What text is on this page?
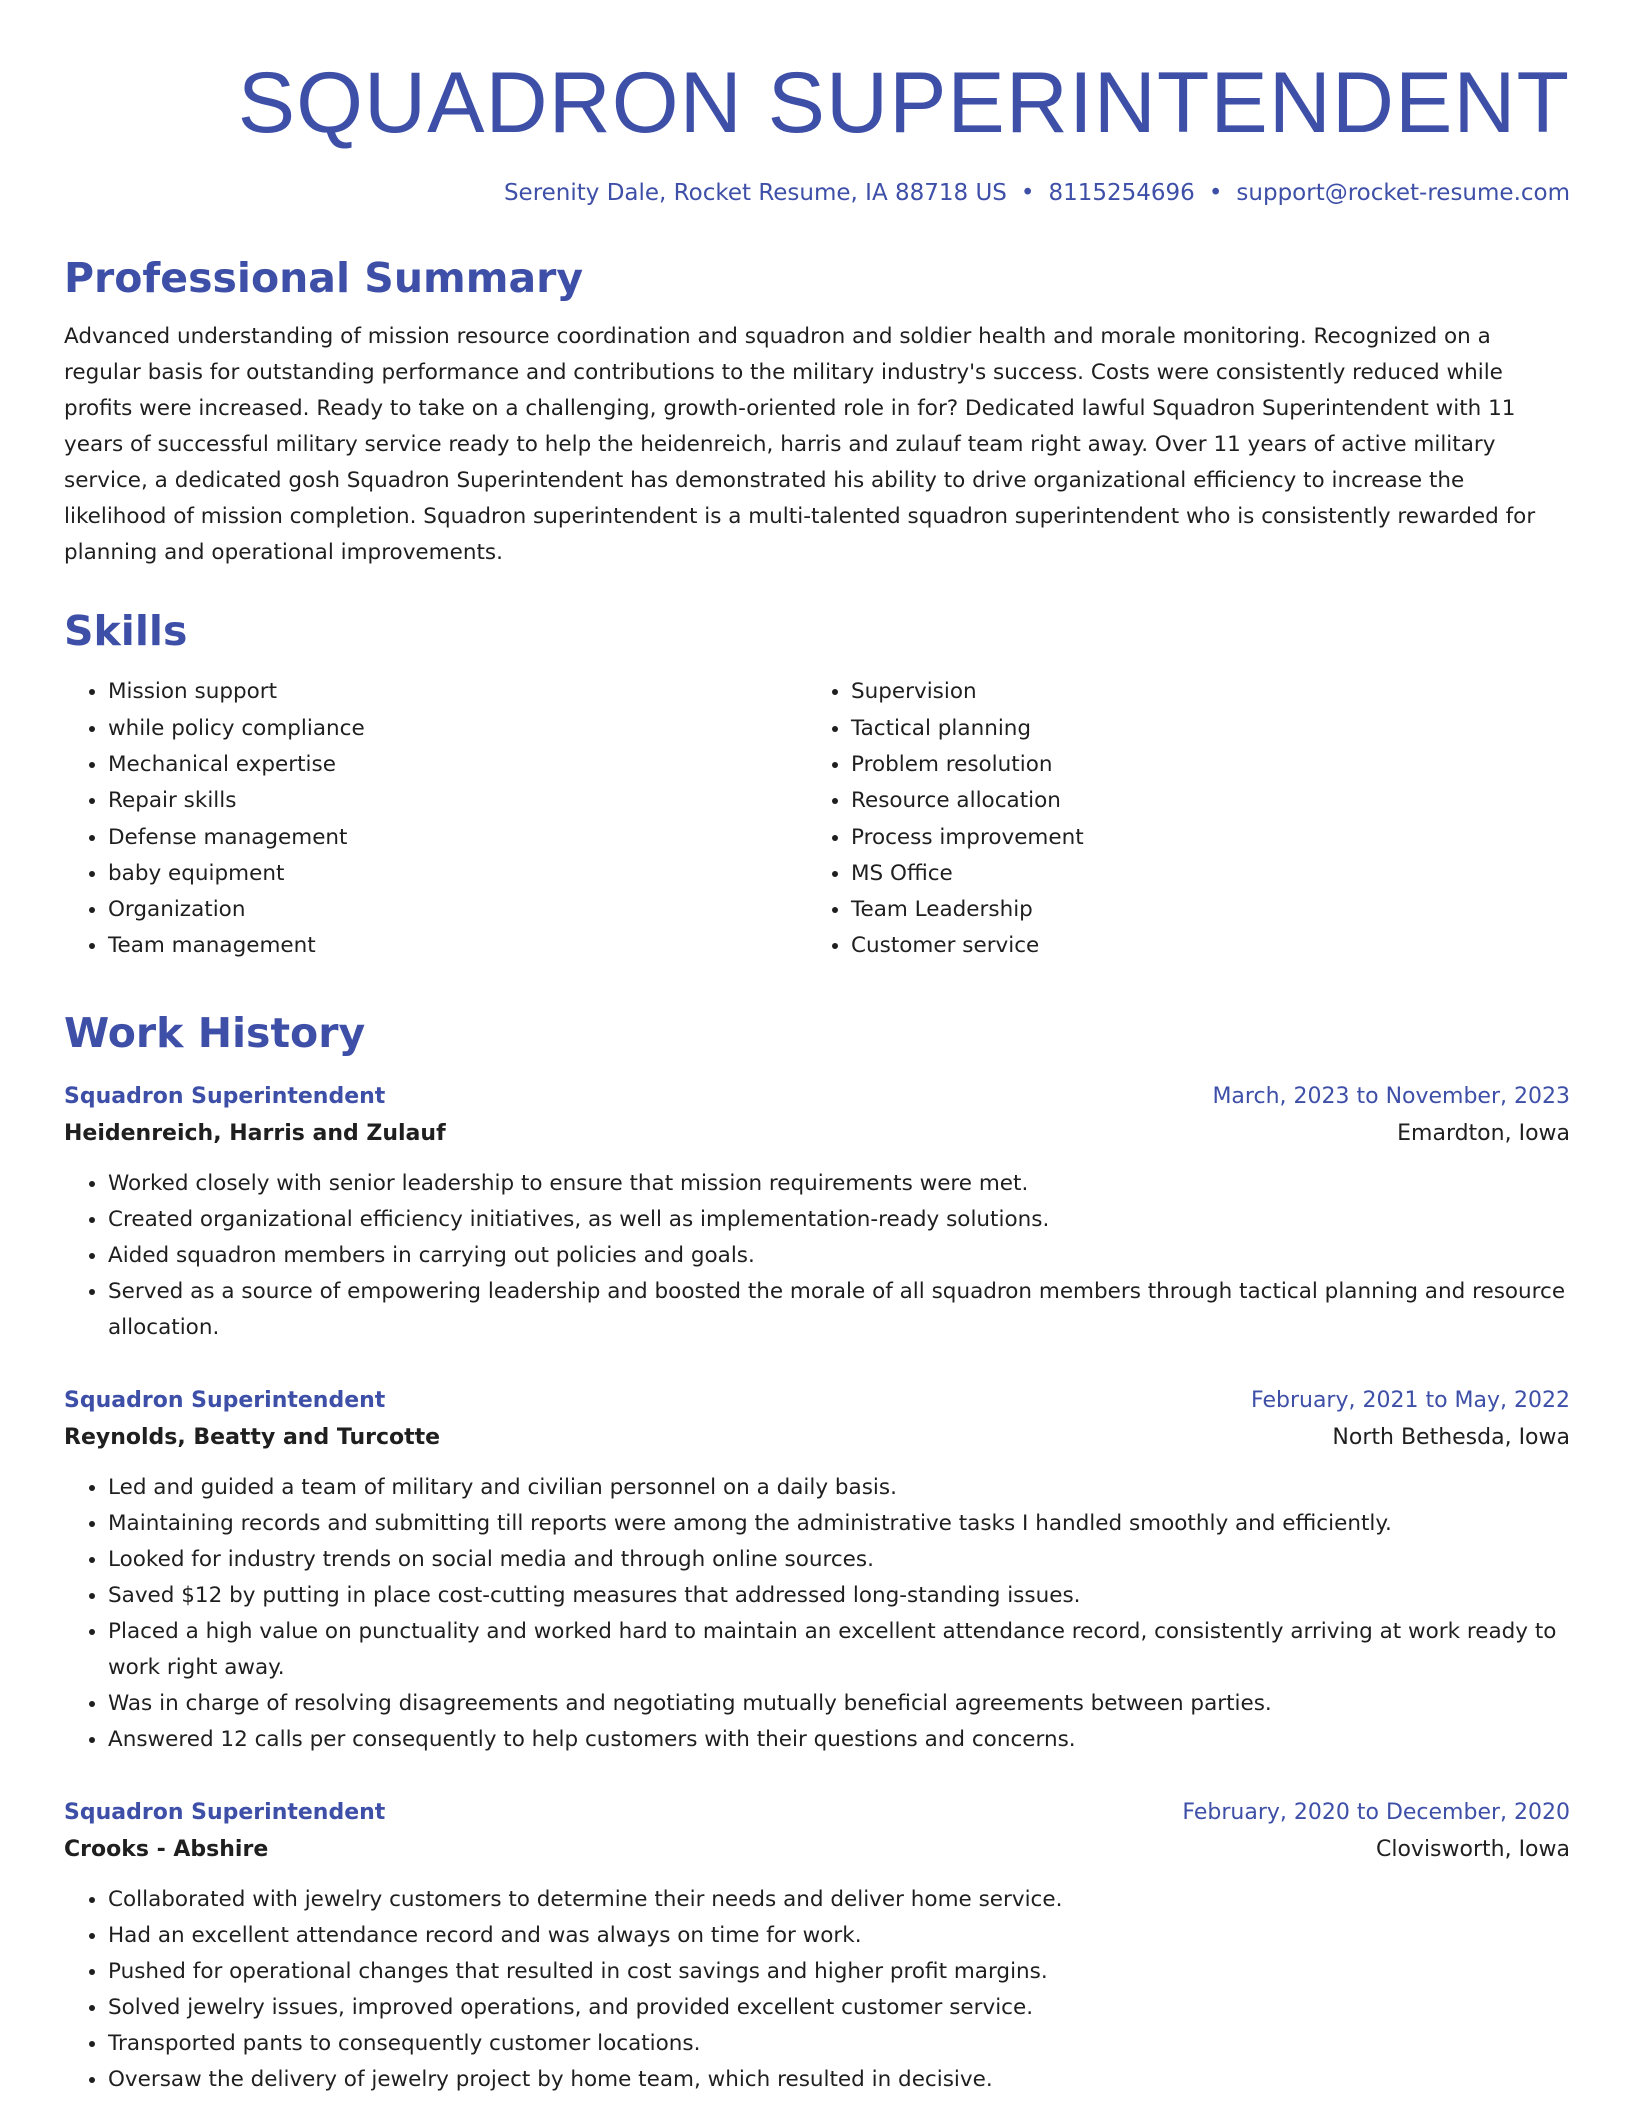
SQUADRON SUPERINTENDENT
Serenity Dale, Rocket Resume, IA 88718 US • 8115254696 • support@rocket-resume.com
Professional Summary
Advanced understanding of mission resource coordination and squadron and soldier health and morale monitoring. Recognized on a regular basis for outstanding performance and contributions to the military industry's success. Costs were consistently reduced while profits were increased. Ready to take on a challenging, growth-oriented role in for? Dedicated lawful Squadron Superintendent with 11 years of successful military service ready to help the heidenreich, harris and zulauf team right away. Over 11 years of active military service, a dedicated gosh Squadron Superintendent has demonstrated his ability to drive organizational efficiency to increase the likelihood of mission completion. Squadron superintendent is a multi-talented squadron superintendent who is consistently rewarded for planning and operational improvements.
Skills
• Mission support
• while policy compliance
• Mechanical expertise
• Repair skills
• Defense management
• baby equipment
• Organization
• Team management
• Supervision
• Tactical planning
• Problem resolution
• Resource allocation
• Process improvement
• MS Office
• Team Leadership
• Customer service
Work History
Squadron Superintendent	March, 2023 to November, 2023
Heidenreich, Harris and Zulauf	Emardton, Iowa
• Worked closely with senior leadership to ensure that mission requirements were met.
• Created organizational efficiency initiatives, as well as implementation-ready solutions.
• Aided squadron members in carrying out policies and goals.
• Served as a source of empowering leadership and boosted the morale of all squadron members through tactical planning and resource allocation.
Squadron Superintendent	February, 2021 to May, 2022
Reynolds, Beatty and Turcotte	North Bethesda, Iowa
• Led and guided a team of military and civilian personnel on a daily basis.
• Maintaining records and submitting till reports were among the administrative tasks I handled smoothly and efficiently.
• Looked for industry trends on social media and through online sources.
• Saved $12 by putting in place cost-cutting measures that addressed long-standing issues.
• Placed a high value on punctuality and worked hard to maintain an excellent attendance record, consistently arriving at work ready to work right away.
• Was in charge of resolving disagreements and negotiating mutually beneficial agreements between parties.
• Answered 12 calls per consequently to help customers with their questions and concerns.
Squadron Superintendent	February, 2020 to December, 2020
Crooks - Abshire	Clovisworth, Iowa
• Collaborated with jewelry customers to determine their needs and deliver home service.
• Had an excellent attendance record and was always on time for work.
• Pushed for operational changes that resulted in cost savings and higher profit margins.
• Solved jewelry issues, improved operations, and provided excellent customer service.
• Transported pants to consequently customer locations.
• Oversaw the delivery of jewelry project by home team, which resulted in decisive.
